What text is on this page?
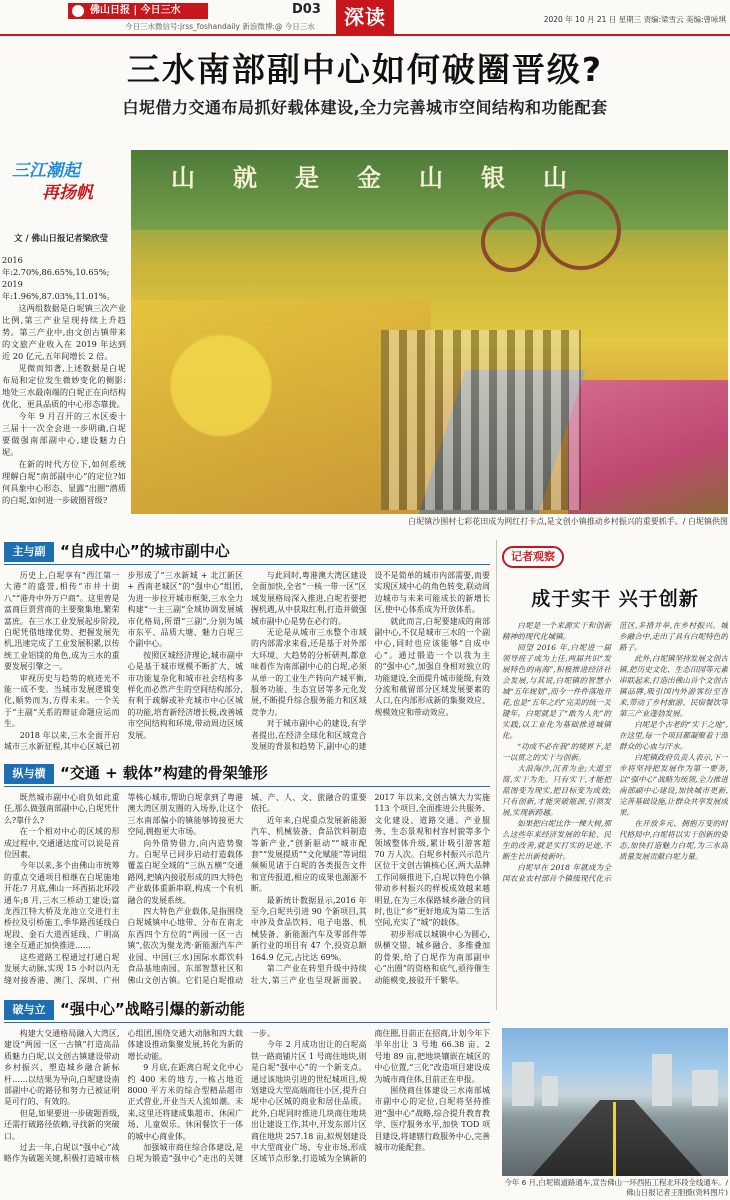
佛山日报 | 今日三水	D03
今日三水微信号:jrss_foshandaily 新浪微博:@ 今日三水	深读	2020 年 10 月 21 日 星期三 责编:梁雪云 美编:曾咏琪
三水南部副中心如何破圈晋级?
白坭借力交通布局抓好载体建设,全力完善城市空间结构和功能配套
三江潮起
再扬帆
文 / 佛山日报记者梁欣莹

2016 年:2.70%,86.65%,10.65%;

2019 年:1.96%,87.03%,11.01%。

这两组数据是白坭镇三次产业比例,第三产业呈现持续上升趋势。第三产业中,由文创古镇带来的文旅产业收入在 2019 年达到近 20 亿元,五年间增长 2 倍。

见微而知著,上述数据是白坭布局和定位发生微妙变化的侧影:地处三水最南端的白坭正在向结构优化、更具品质的中心形态靠拢。

今年 9 月召开的三水区委十三届十一次全会进一步明确,白坭要做强南部副中心,建设魅力白坭。

在新的时代方位下,如何系统理解白坭“南部副中心”的定位?如何具象中心形态、显露“出圈”潜质的白坭,如何进一步破圈晋级?

山就是金山银山
白坭镇沙围村七彩花田成为网红打卡点,是文创小镇推动乡村振兴的重要抓手。/ 白坭镇供图
主与副 “自成中心”的城市副中心

历史上,白坭享有“西江第一大港”的盛誉,相传“市井十街八”“港舟中外万户商”。这里曾是富商巨贾营商的主要聚集地,繁荣富庶。在三水工业发展起步阶段,白坭凭借地缘优势、把握发展先机,迅速完成了工业发展积累,以传统工业铝镁的角色,成为三水的重要发展引擎之一。

审视历史与趋势的痕迹光不能一成不变。当城市发展逻辑变化,顺势而为,方得未来。一个关于“主副”关系的辩证命题应运而生。

2018 年以来,三水全面开启城市三水新征程,其中心区城已初步形成了“三水新城 + 北江新区 + 西南老城区”的“强中心”组团,为进一步拉开城市框架,三水全力构建“一主三副”全域协调发展城市化格局,所谓“三副”,分别为城市东平、品质大塘、魅力白坭三个副中心。

按照区城经济理论,城市副中心是基于城市规模不断扩大、城市功能复杂化和城市社会结构多样化而必然产生的空间结构部分,有利于疏解或补充城市中心区城的功能,培育新经济增长极,改善城市空间结构和环境,带动周边区域发展。

与此同时,粤港澳大湾区建设全面加快,全省“一核一带一区”区域发展格局深入推进,白坭若要把握机遇,从中获取红利,打造并做强城市副中心是势在必行的。

无论是从城市三水整个市域的内部需求来看,还是基于对外部大环境、大趋势的分析研判,都意味着作为南部副中心的白坭,必须从单一的工业生产转向产城平衡,服务功能、生态宜居等多元化发展,不断提升综合服务能力和区域竞争力。

对于城市副中心的建设,有学者提出,在经济全球化和区域竞合发展的背景和趋势下,副中心的建设不是简单的城市内部需要,而要实现区域中心的角色转变,联动周边城市与未来可能成长的新增长区,使中心体系成为开放体系。

就此而言,白坭要建成的南部副中心,不仅是城市三水的一个副中心,同时也应该能够“自成中心”。通过锻造一个以我为主的“强中心”,加强自身相对独立的功能建设,全面提升城市能级,有效分流和截留部分区域发展要素的人口,在内部形成新的集聚效应、规模效应和带动效应。

纵与横 “交通 + 载体”构建的骨架雏形

既然城市副中心肩负如此重任,那么做强南部副中心,白坭凭什么?靠什么?

在一个相对中心的区域的形成过程中,交通通达度可以说是首位因素。

今年以来,多个由佛山市统筹的重点交通项目相继在白坭施地开花:7 月底,佛山一环西拓北环段通车;8 月,三水三桥动工建设;富龙西江特大桥及龙池立交进行主桥拉及引桥施工,季华路西延线白坭段、金石大道西延线、广明高速全互通正加快推进……

这些道路工程通过打通白坭发展大动脉,实现 15 小时以内无缝对接香港、澳门、深圳、广州等核心城市,帮助白坭拿到了粤港澳大湾区朋友圈的入场券,让这个三水南部偏小的镇能够铸接更大空间,拥抱更大市场。

向外借势借力,向内造势聚力。白坭早已同步启动打造载体覆盖白坭全域的“三纵五横”交通路网,把镇内接驳形成的四大特色产业载体重新串联,构成一个有机融合的发展系统。

四大特色产业载体,是指围绕白坭城镇中心地带、分布在南北东西四个方位的“两园一区一古镇”,依次为聚龙湾·新能源汽车产业园、中国(三水)国际水都饮料食品基地南园、东部智慧社区和佛山文创古镇。它们是白坭推动城、产、人、文、旅融合的重要依托。

近年来,白坭重点发展新能源汽车、机械装备、食品饮料制造等新产业,“创新驱动”“城市配套”“发展提质”“文化赋能”等词组频频见诸于白坭的各类报告文件和宣传报道,相应的成果也源源不断。

最新统计数据显示,2016 年至今,白坭共引进 90 个新项目,其中涉及食品饮料、电子电器、机械装备、新能源汽车及零部件等新行业的项目有 47 个,投资总额 164.9 亿元,占比达 69%。

第二产业在转型升级中持续壮大,第三产业也呈现新面貌。2017 年以来,文创古镇大力实施 113 个项目,全面推进公共服务、文化建设、道路交通、产业服务、生态景观和村容村貌等多个领域整体升级,累计吸引游客超 70 万人次。白坭乡村振兴示范片区位于文创古镇核心区,两大品牌工作同频推进下,白坭以特色小镇带动乡村振兴的样板成效越来越明显,在为三水探路城乡融合的同时,也让“乡”更好地成为第二生活空间,充实了“城”的载体。

初步形成以城镇中心为圆心,纵横交错、城乡融合、多维叠加的骨架,给了白坭作为南部副中心“出圈”的资格和底气,亟待催生动能模变,接驳开千繁华。

破与立 “强中心”战略引爆的新动能

构建大交通格局融入大湾区,建设“两园一区一古镇”打造高品质魅力白坭,以文创古镇建设带动乡村振兴、塑造城乡融合新标杆……以结果为导向,白坭建设南部副中心的路径和努力已被证明是可行的、有效的。

但是,如果要进一步破题晋级,还需打破路径依赖,寻找新的突破口。

过去一年,白坭以“强中心”战略作为破题关键,积极打造城市核心组团,围绕交通大动脉和四大载体建设推动集聚发展,转化为新的增长动能。

9 月底,在距离白坭文化中心约 400 米的地方,一栋占地近 8000 平方米的综合型精品超市正式营业,开业当天人流如潮。未来,这里还将建成集超市、休闲广场、儿童娱乐、休闲餐饮于一体的城中心商业体。

加强城市商住综合体建设,是白坭为锻造“强中心”走出的关键一步。

今年 2 月成功出让的白坭高铁一路商铺片区 1 号商住地块,则是白坭“强中心”的一个新支点。通过该地块引进的世纪城项目,规划建设大型高端商住小区,提升白坭中心区城的商业和居住品质。此外,白坭同时推进几块商住地块出让建设工作,其中,开发东部片区商住地块 257.18 亩,拟规划建设中大型商业广场、专业市场,形成区域节点形象,打造城为全镇新的商住圈,目前正在招商,计划今年下半年出让 3 号地 66.38 亩、2 号地 89 亩,把地块镶嵌在城区的中心位置,“三化”改造项目建设成为城市商住体,目前正在申报。

围绕商住体建设三水南部城市副中心的定位,白坭将坚持推进“强中心”战略,综合提升教育教学、医疗服务水平,加快 TOD 项目建设,将建辖行政服务中心,完善城市功能配套。

记者观察
成于实干 兴于创新

白坭是一个来源实干和创新精神的现代化城镇。

回望 2016 年,白坭进一届领导班子成为上任,两届共识“发展特色的南海”,积极推进经济社会发展,与其说,白坭镇的智慧小城“五年规划”,而今一件件落地开花,也是“五年之约”完美的统一关键年。白坭就是了“敢为人先”的实践,以工业化为基础推进城镇化。

“功成不必在我”的境界下,是一以贯之的实干与创新。

大浪淘沙,沉者为金;大道至简,实干为先。只有实干,才能把蓝图变为现实,把目标变为成效;只有创新,才能突破瓶颈,引领发展,实现新跨越。

如果把白坭比作一棵大树,那么这些年来经济发展的年轮、民生的改善,就是实打实的足迹,不断生长出新枝新叶。

白坭早在 2018 年就成为全国农业农村部首个镇级现代化示范区,多措并举,在乡村振兴、城乡融合中,走出了具有白坭特色的路子。

此外,白坭镇坚持发展文创古镇,把历史文化、生态田园等元素串联起来,打造出佛山首个文创古镇品牌,吸引国内外游客纷至沓来,带动了乡村旅游、民宿餐饮等第三产业蓬勃发展。

白坭是个古老的“实干之地”,在这里,每一个项目都凝聚着干部群众的心血与汗水。

白坭镇政府负责人表示,下一步将坚持把发展作为第一要务,以“强中心”战略为统领,全力推进南部副中心建设,加快城市更新,完善基础设施,让群众共享发展成果。

在开放多元、拥抱万变的时代格局中,白坭将以实干创新的姿态,加快打造魅力白坭,为三水高质量发展贡献白坭力量。

今年 6 月,白坭镇道路通车,宣告佛山一环西拓工程北环段全线通车。/ 佛山日报记者王胆摄(资料图片)
